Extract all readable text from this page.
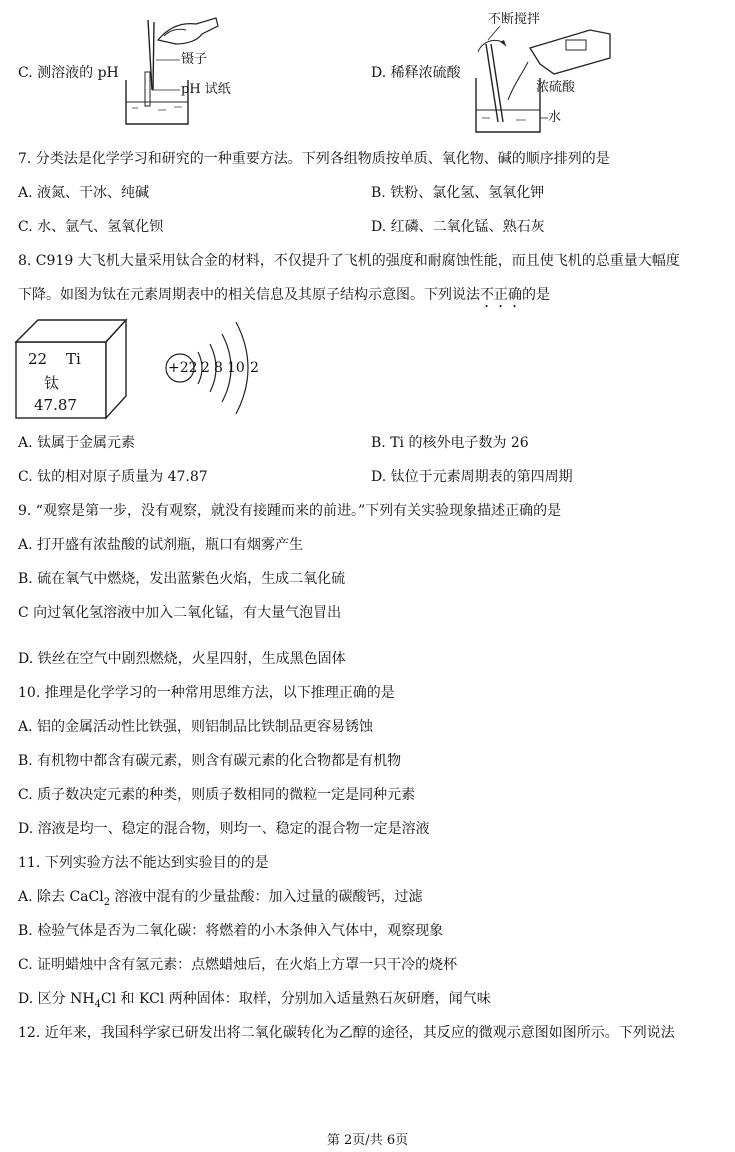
镊子
pH 试纸
C. 测溶液的 pH	D. 稀释浓硫酸
不断搅拌
浓硫酸
水
7. 分类法是化学学习和研究的一种重要方法。下列各组物质按单质、氧化物、碱的顺序排列的是
A. 液氮、干冰、纯碱	B. 铁粉、氯化氢、氢氧化钾
C. 水、氩气、氢氧化钡	D. 红磷、二氧化锰、熟石灰
8. C919 大飞机大量采用钛合金的材料，不仅提升了飞机的强度和耐腐蚀性能，而且使飞机的总重量大幅度
下降。如图为钛在元素周期表中的相关信息及其原子结构示意图。下列说法不正确的是
22 Ti
钛
47.87
+22 2 8 10 2
A. 钛属于金属元素	B. Ti 的核外电子数为 26
C. 钛的相对原子质量为 47.87	D. 钛位于元素周期表的第四周期
9. “观察是第一步，没有观察，就没有接踵而来的前进。”下列有关实验现象描述正确的是
A. 打开盛有浓盐酸的试剂瓶，瓶口有烟雾产生
B. 硫在氧气中燃烧，发出蓝紫色火焰，生成二氧化硫
C 向过氧化氢溶液中加入二氧化锰，有大量气泡冒出
D. 铁丝在空气中剧烈燃烧，火星四射，生成黑色固体
10. 推理是化学学习的一种常用思维方法，以下推理正确的是
A. 铝的金属活动性比铁强，则铝制品比铁制品更容易锈蚀
B. 有机物中都含有碳元素，则含有碳元素的化合物都是有机物
C. 质子数决定元素的种类，则质子数相同的微粒一定是同种元素
D. 溶液是均一、稳定的混合物，则均一、稳定的混合物一定是溶液
11. 下列实验方法不能达到实验目的的是
A. 除去 CaCl$_2$ 溶液中混有的少量盐酸：加入过量的碳酸钙，过滤
B. 检验气体是否为二氧化碳：将燃着的小木条伸入气体中，观察现象
C. 证明蜡烛中含有氢元素：点燃蜡烛后，在火焰上方罩一只干冷的烧杯
D. 区分 $NH_4Cl$ 和 KCl 两种固体：取样，分别加入适量熟石灰研磨，闻气味
12. 近年来，我国科学家已研发出将二氧化碳转化为乙醇的途径，其反应的微观示意图如图所示。下列说法
第 2页/共 6页
